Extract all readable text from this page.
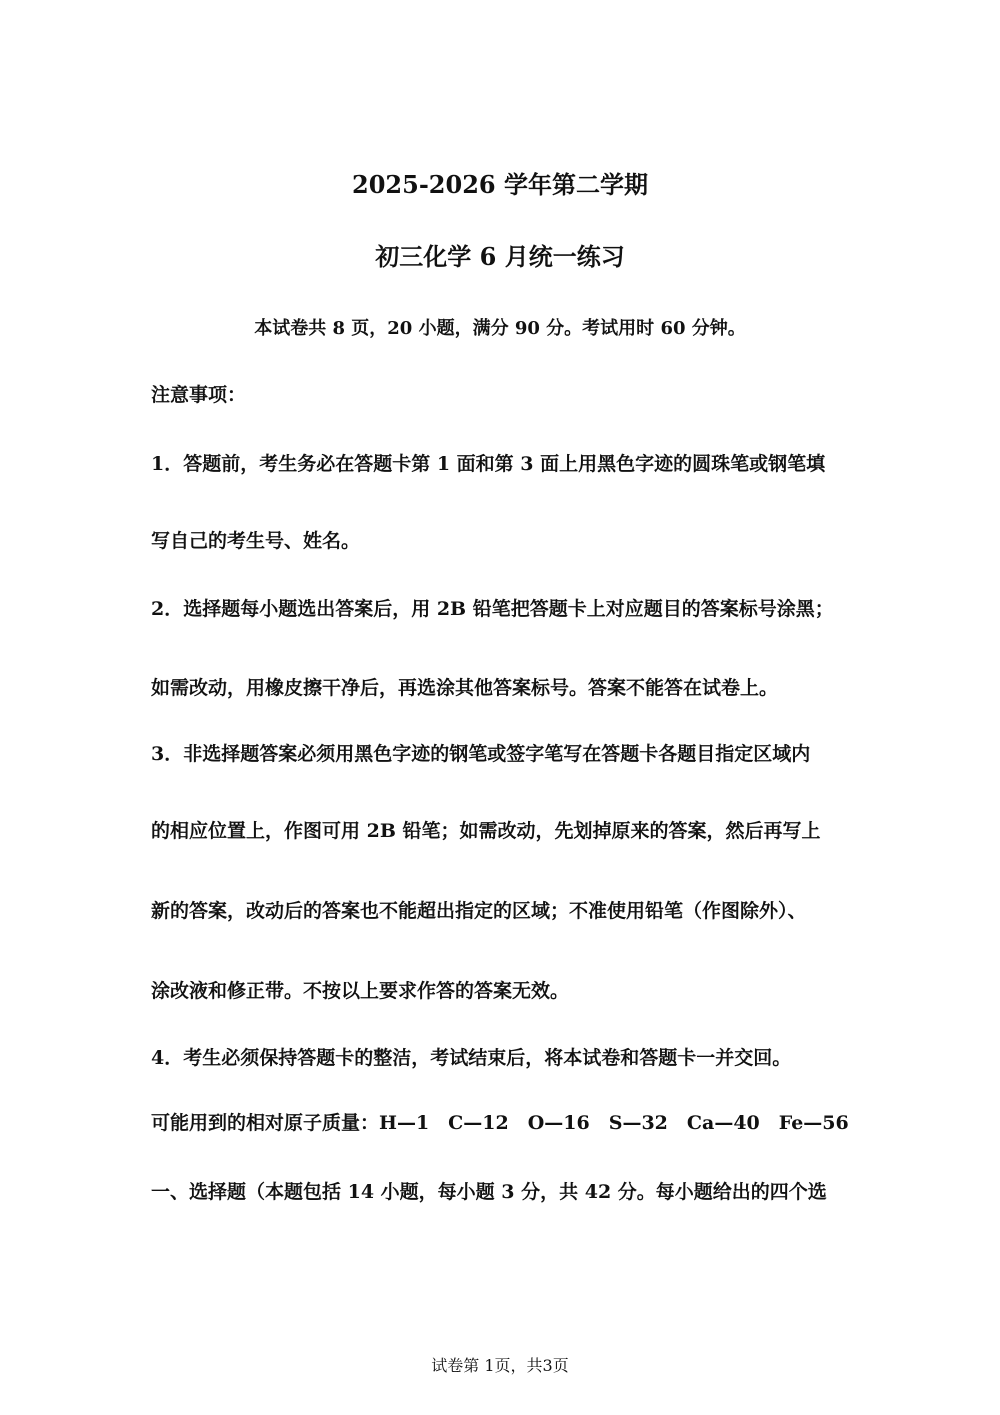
2025-2026 学年第二学期
初三化学 6 月统一练习
本试卷共 8 页，20 小题，满分 90 分。考试用时 60 分钟。
注意事项：
1．答题前，考生务必在答题卡第 1 面和第 3 面上用黑色字迹的圆珠笔或钢笔填
写自己的考生号、姓名。
2．选择题每小题选出答案后，用 2B 铅笔把答题卡上对应题目的答案标号涂黑；
如需改动，用橡皮擦干净后，再选涂其他答案标号。答案不能答在试卷上。
3．非选择题答案必须用黑色字迹的钢笔或签字笔写在答题卡各题目指定区域内
的相应位置上，作图可用 2B 铅笔；如需改动，先划掉原来的答案，然后再写上
新的答案，改动后的答案也不能超出指定的区域；不准使用铅笔（作图除外）、
涂改液和修正带。不按以上要求作答的答案无效。
4．考生必须保持答题卡的整洁，考试结束后，将本试卷和答题卡一并交回。
可能用到的相对原子质量：H—1　C—12　O—16　S—32　Ca—40　Fe—56
一、选择题（本题包括 14 小题，每小题 3 分，共 42 分。每小题给出的四个选
试卷第 1页，共3页
